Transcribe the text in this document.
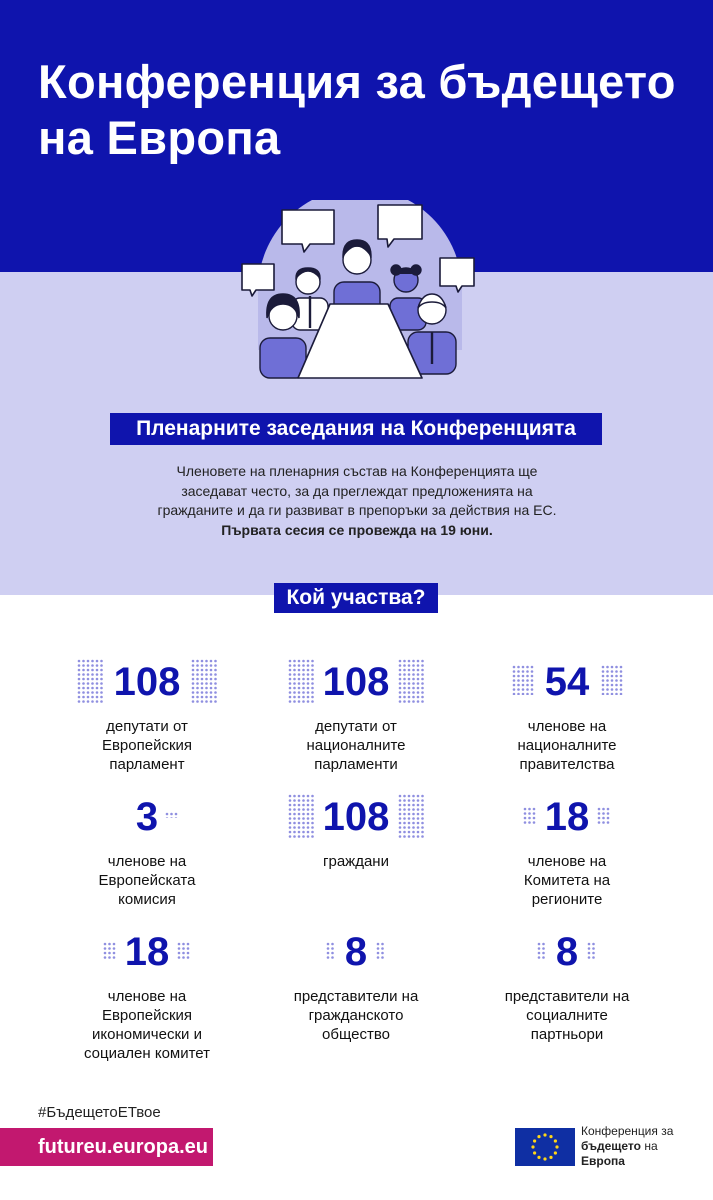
Конференция за бъдещето на Европа
Пленарните заседания на Конференцията
Членовете на пленарния състав на Конференцията ще заседават често, за да преглеждат предложенията на гражданите и да ги развиват в препоръки за действия на ЕС.
Първата сесия се провежда на 19 юни.
Кой участва?
108
депутати от Европейския парламент
108
депутати от националните парламенти
54
членове на националните правителства
3
членове на Европейската комисия
108
граждани
18
членове на Комитета на регионите
18
членове на Европейския икономически и социален комитет
8
представители на гражданското общество
8
представители на социалните партньори
#БъдещетоЕТвое
futureu.europa.eu
Конференция за
бъдещето на
Европа
